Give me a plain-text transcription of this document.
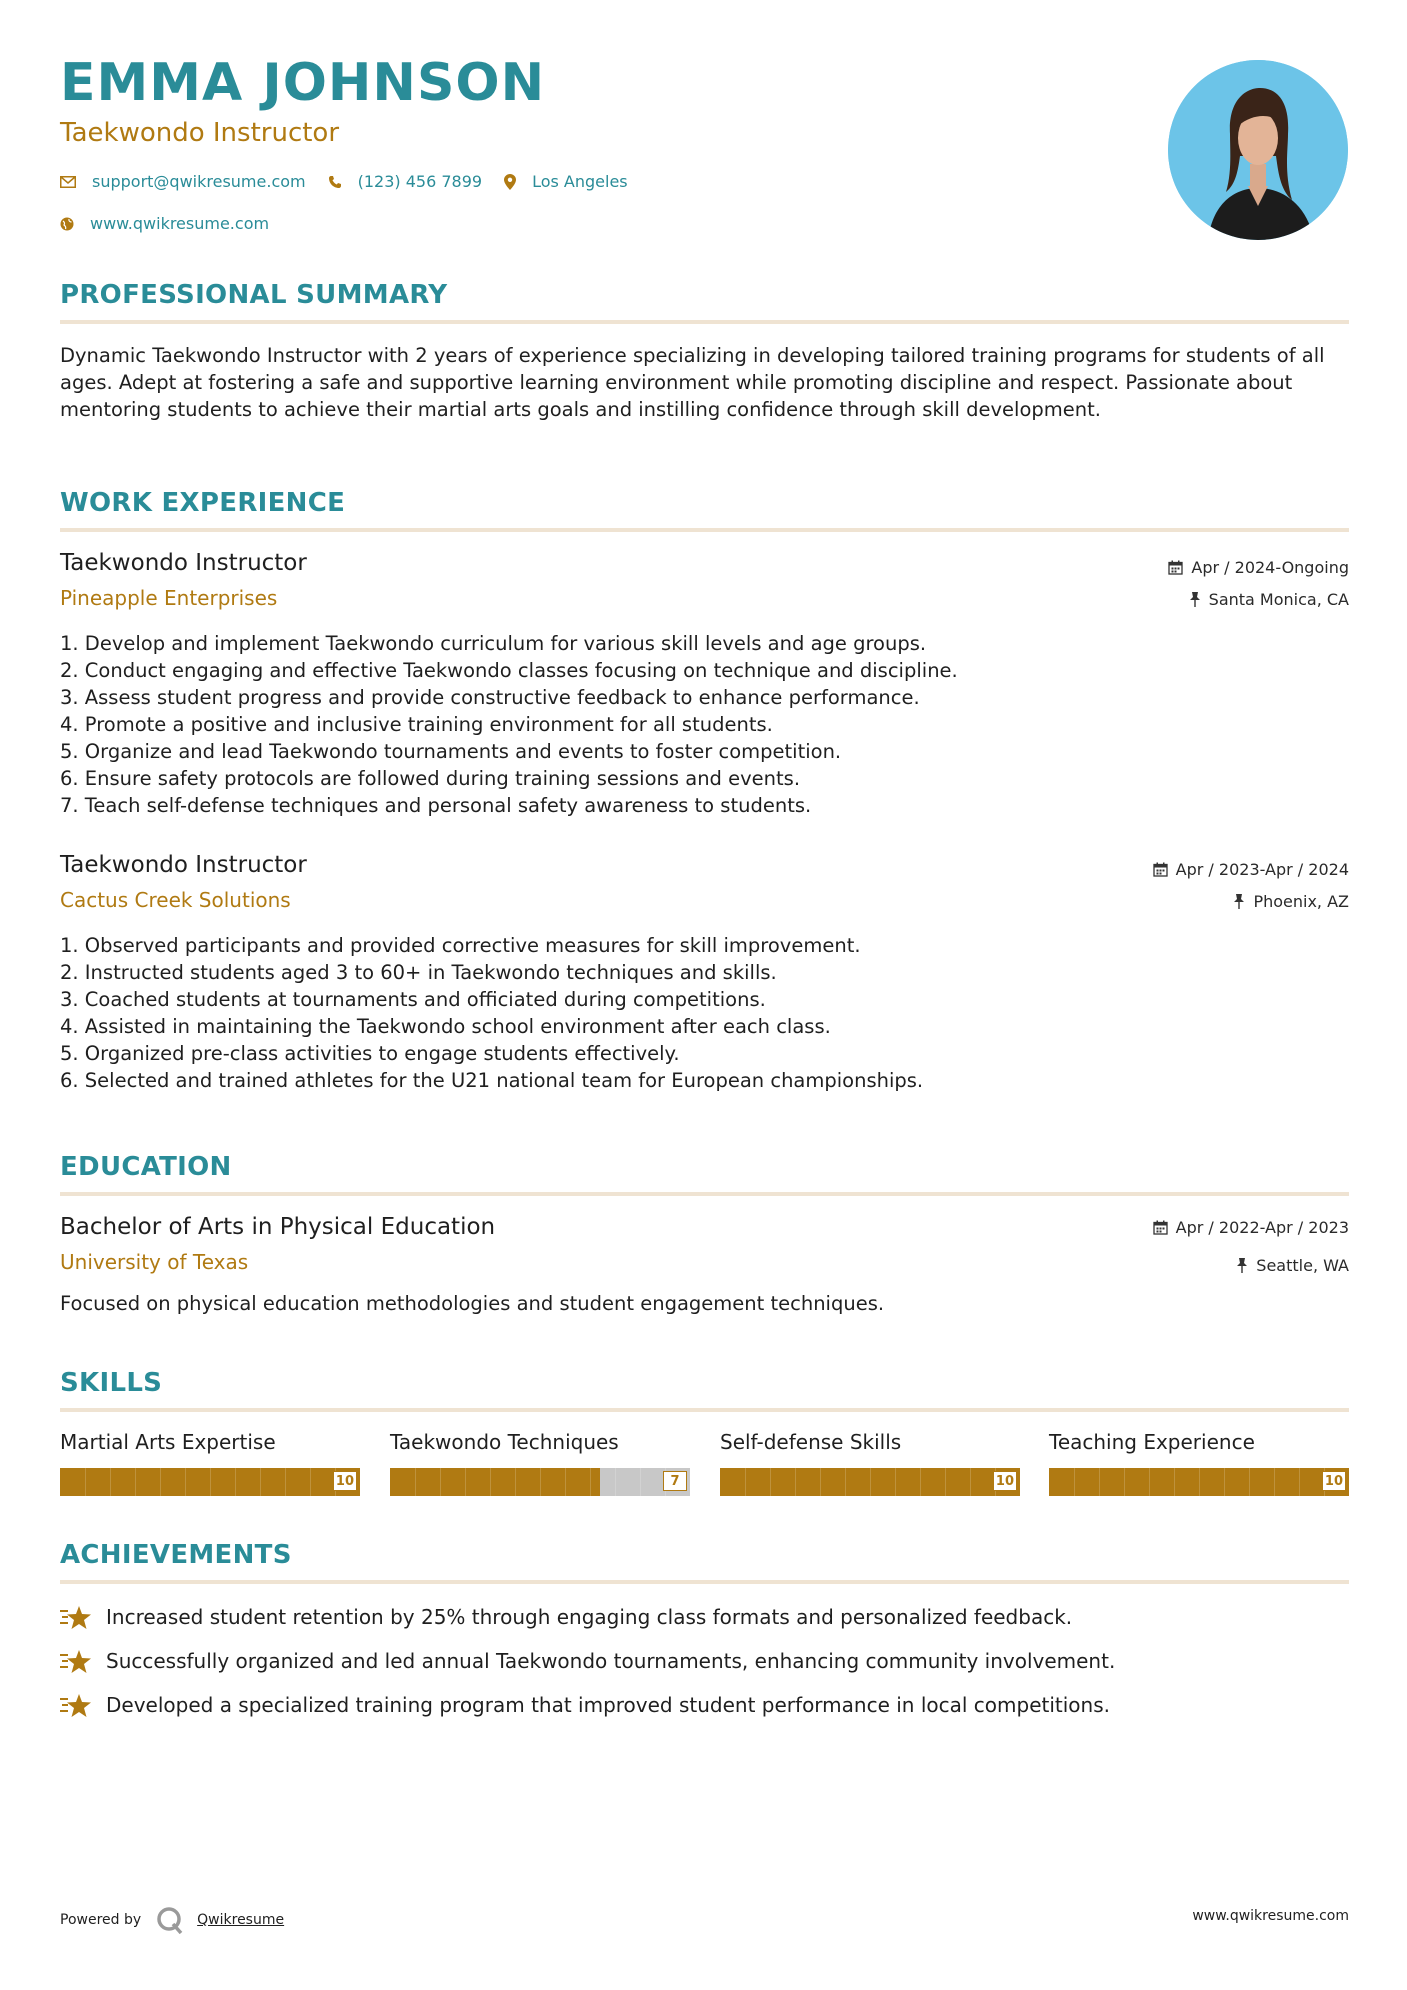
EMMA JOHNSON
Taekwondo Instructor
support@qwikresume.com	(123) 456 7899	Los Angeles
www.qwikresume.com
PROFESSIONAL SUMMARY

Dynamic Taekwondo Instructor with 2 years of experience specializing in developing tailored training programs for students of all ages. Adept at fostering a safe and supportive learning environment while promoting discipline and respect. Passionate about mentoring students to achieve their martial arts goals and instilling confidence through skill development.

WORK EXPERIENCE
Taekwondo Instructor
Pineapple Enterprises
Apr / 2024-Ongoing
Santa Monica, CA
1. Develop and implement Taekwondo curriculum for various skill levels and age groups.
2. Conduct engaging and effective Taekwondo classes focusing on technique and discipline.
3. Assess student progress and provide constructive feedback to enhance performance.
4. Promote a positive and inclusive training environment for all students.
5. Organize and lead Taekwondo tournaments and events to foster competition.
6. Ensure safety protocols are followed during training sessions and events.
7. Teach self-defense techniques and personal safety awareness to students.
Taekwondo Instructor
Cactus Creek Solutions
Apr / 2023-Apr / 2024
Phoenix, AZ
1. Observed participants and provided corrective measures for skill improvement.
2. Instructed students aged 3 to 60+ in Taekwondo techniques and skills.
3. Coached students at tournaments and officiated during competitions.
4. Assisted in maintaining the Taekwondo school environment after each class.
5. Organized pre-class activities to engage students effectively.
6. Selected and trained athletes for the U21 national team for European championships.
EDUCATION
Bachelor of Arts in Physical Education
University of Texas
Apr / 2022-Apr / 2023
Seattle, WA
Focused on physical education methodologies and student engagement techniques.
SKILLS
Martial Arts Expertise
10
Taekwondo Techniques
7
Self-defense Skills
10
Teaching Experience
10
ACHIEVEMENTS
Increased student retention by 25% through engaging class formats and personalized feedback.
Successfully organized and led annual Taekwondo tournaments, enhancing community involvement.
Developed a specialized training program that improved student performance in local competitions.
Powered by	Qwikresume	www.qwikresume.com
